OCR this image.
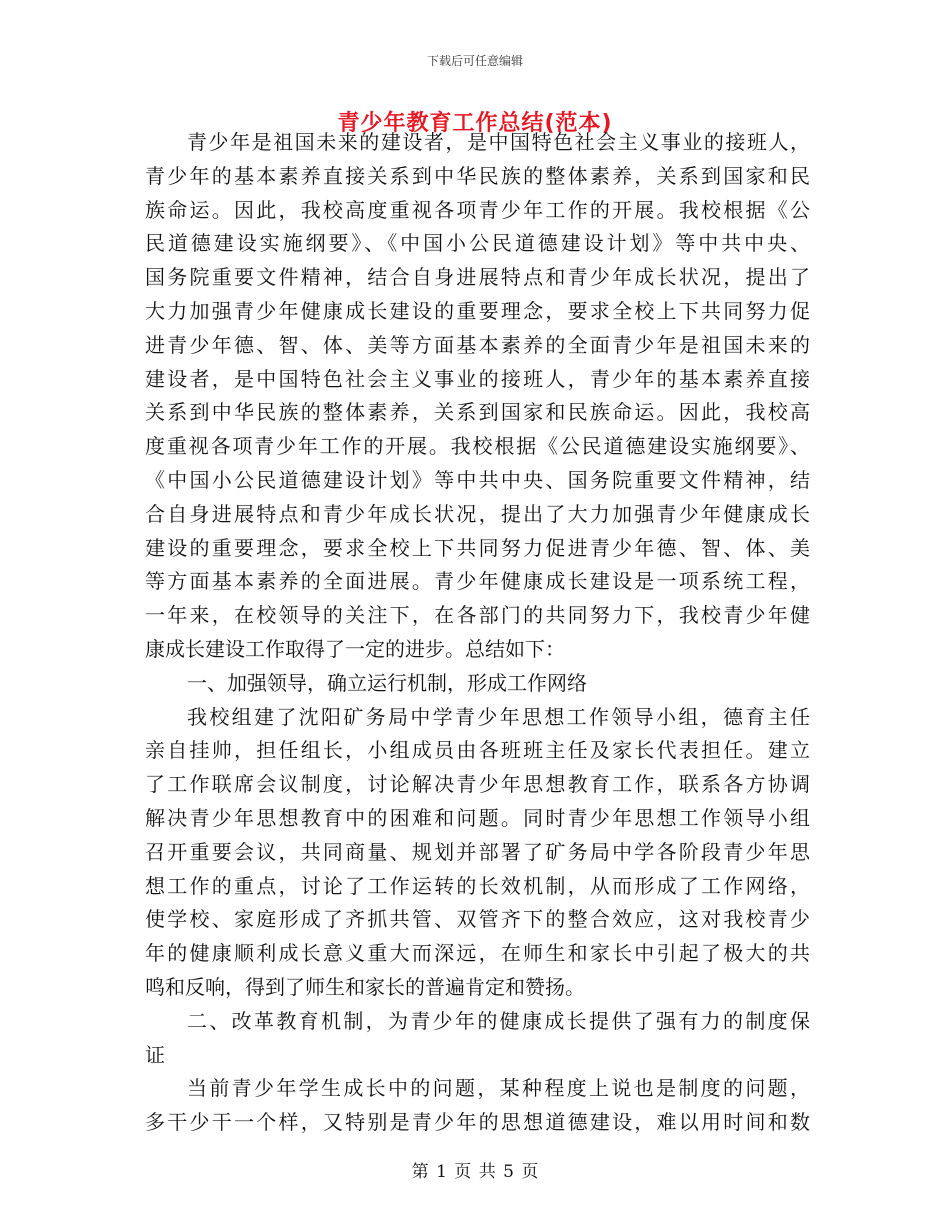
下载后可任意编辑
青少年教育工作总结(范本)
青少年是祖国未来的建设者，是中国特色社会主义事业的接班人，
青少年的基本素养直接关系到中华民族的整体素养，关系到国家和民
族命运。因此，我校高度重视各项青少年工作的开展。我校根据《公
民道德建设实施纲要》、《中国小公民道德建设计划》等中共中央、
国务院重要文件精神，结合自身进展特点和青少年成长状况，提出了
大力加强青少年健康成长建设的重要理念，要求全校上下共同努力促
进青少年德、智、体、美等方面基本素养的全面青少年是祖国未来的
建设者，是中国特色社会主义事业的接班人，青少年的基本素养直接
关系到中华民族的整体素养，关系到国家和民族命运。因此，我校高
度重视各项青少年工作的开展。我校根据《公民道德建设实施纲要》、
《中国小公民道德建设计划》等中共中央、国务院重要文件精神，结
合自身进展特点和青少年成长状况，提出了大力加强青少年健康成长
建设的重要理念，要求全校上下共同努力促进青少年德、智、体、美
等方面基本素养的全面进展。青少年健康成长建设是一项系统工程，
一年来，在校领导的关注下，在各部门的共同努力下，我校青少年健
康成长建设工作取得了一定的进步。总结如下：
一、加强领导，确立运行机制，形成工作网络
我校组建了沈阳矿务局中学青少年思想工作领导小组，德育主任
亲自挂帅，担任组长，小组成员由各班班主任及家长代表担任。建立
了工作联席会议制度，讨论解决青少年思想教育工作，联系各方协调
解决青少年思想教育中的困难和问题。同时青少年思想工作领导小组
召开重要会议，共同商量、规划并部署了矿务局中学各阶段青少年思
想工作的重点，讨论了工作运转的长效机制，从而形成了工作网络，
使学校、家庭形成了齐抓共管、双管齐下的整合效应，这对我校青少
年的健康顺利成长意义重大而深远，在师生和家长中引起了极大的共
鸣和反响，得到了师生和家长的普遍肯定和赞扬。
二、改革教育机制，为青少年的健康成长提供了强有力的制度保
证
当前青少年学生成长中的问题，某种程度上说也是制度的问题，
多干少干一个样，又特别是青少年的思想道德建设，难以用时间和数
第 1 页 共 5 页
